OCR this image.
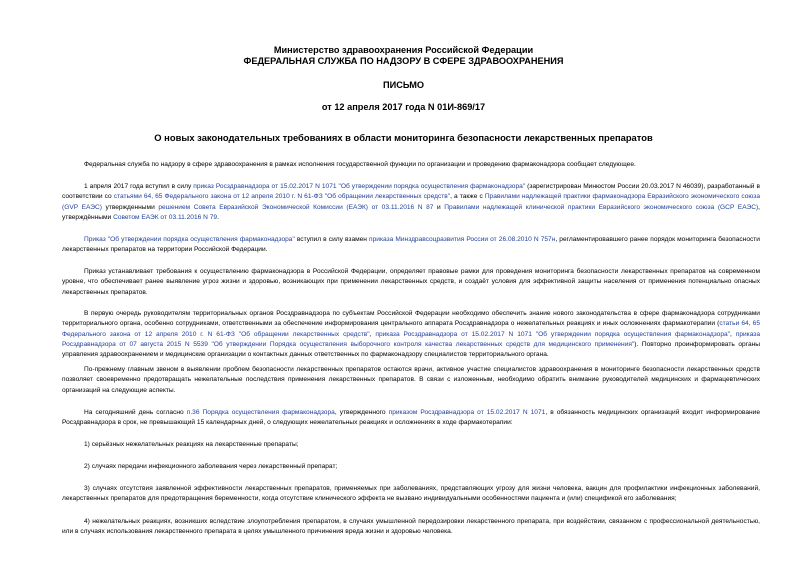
Министерство здравоохранения Российской Федерации
ФЕДЕРАЛЬНАЯ СЛУЖБА ПО НАДЗОРУ В СФЕРЕ ЗДРАВООХРАНЕНИЯ
ПИСЬМО
от 12 апреля 2017 года N 01И-869/17
О новых законодательных требованиях в области мониторинга безопасности лекарственных препаратов
Федеральная служба по надзору в сфере здравоохранения в рамках исполнения государственной функции по организации и проведению фармаконадзора сообщает следующее.
1 апреля 2017 года вступил в силу приказ Росздравнадзора от 15.02.2017 N 1071 "Об утверждении порядка осуществления фармаконадзора" (зарегистрирован Минюстом России 20.03.2017 N 46039), разработанный в соответствии со статьями 64, 65 Федерального закона от 12 апреля 2010 г. N 61-ФЗ "Об обращении лекарственных средств", а также с Правилами надлежащей практики фармаконадзора Евразийского экономического союза (GVP ЕАЭС) утвержденными решением Совета Евразийской Экономической Комиссии (ЕАЭК) от 03.11.2016 N 87 и Правилами надлежащей клинической практики Евразийского экономического союза (GCP ЕАЭС), утверждёнными Советом ЕАЭК от 03.11.2016 N 79.
Приказ "Об утверждении порядка осуществления фармаконадзора" вступил в силу взамен приказа Минздравсоцразвития России от 26.08.2010 N 757н, регламентировавшего ранее порядок мониторинга безопасности лекарственных препаратов на территории Российской Федерации.
Приказ устанавливает требования к осуществлению фармаконадзора в Российской Федерации, определяет правовые рамки для проведения мониторинга безопасности лекарственных препаратов на современном уровне, что обеспечивает ранее выявление угроз жизни и здоровью, возникающих при применении лекарственных средств, и создаёт условия для эффективной защиты населения от применения потенциально опасных лекарственных препаратов.
В первую очередь руководителям территориальных органов Росздравнадзора по субъектам Российской Федерации необходимо обеспечить знание нового законодательства в сфере фармаконадзора сотрудниками территориального органа, особенно сотрудниками, ответственными за обеспечение информирования центрального аппарата Росздравнадзора о нежелательных реакциях и иных осложнениях фармакотерапии (статьи 64, 65 Федерального закона от 12 апреля 2010 г. N 61-ФЗ "Об обращении лекарственных средств", приказа Росздравнадзора от 15.02.2017 N 1071 "Об утверждении порядка осуществления фармаконадзора", приказа Росздравнадзора от 07 августа 2015 N 5539 "Об утверждении Порядка осуществления выборочного контроля качества лекарственных средств для медицинского применения"). Повторно проинформировать органы управления здравоохранением и медицинские организации о контактных данных ответственных по фармаконадзору специалистов территориального органа.
По-прежнему главным звеном в выявлении проблем безопасности лекарственных препаратов остаются врачи, активное участие специалистов здравоохранения в мониторинге безопасности лекарственных средств позволяет своевременно предотвращать нежелательные последствия применения лекарственных препаратов. В связи с изложенным, необходимо обратить внимание руководителей медицинских и фармацевтических организаций на следующие аспекты.
На сегодняшний день согласно п.36 Порядка осуществления фармаконадзора, утвержденного приказом Росздравнадзора от 15.02.2017 N 1071, в обязанность медицинских организаций входит информирование Росздравнадзора в срок, не превышающий 15 календарных дней, о следующих нежелательных реакциях и осложнениях в ходе фармакотерапии:
1) серьёзных нежелательных реакциях на лекарственные препараты;
2) случаях передачи инфекционного заболевания через лекарственный препарат;
3) случаях отсутствия заявленной эффективности лекарственных препаратов, применяемых при заболеваниях, представляющих угрозу для жизни человека, вакцин для профилактики инфекционных заболеваний, лекарственных препаратов для предотвращения беременности, когда отсутствие клинического эффекта не вызвано индивидуальными особенностями пациента и (или) спецификой его заболевания;
4) нежелательных реакциях, возникших вследствие злоупотребления препаратом, в случаях умышленной передозировки лекарственного препарата, при воздействии, связанном с профессиональной деятельностью, или в случаях использования лекарственного препарата в целях умышленного причинения вреда жизни и здоровью человека.
